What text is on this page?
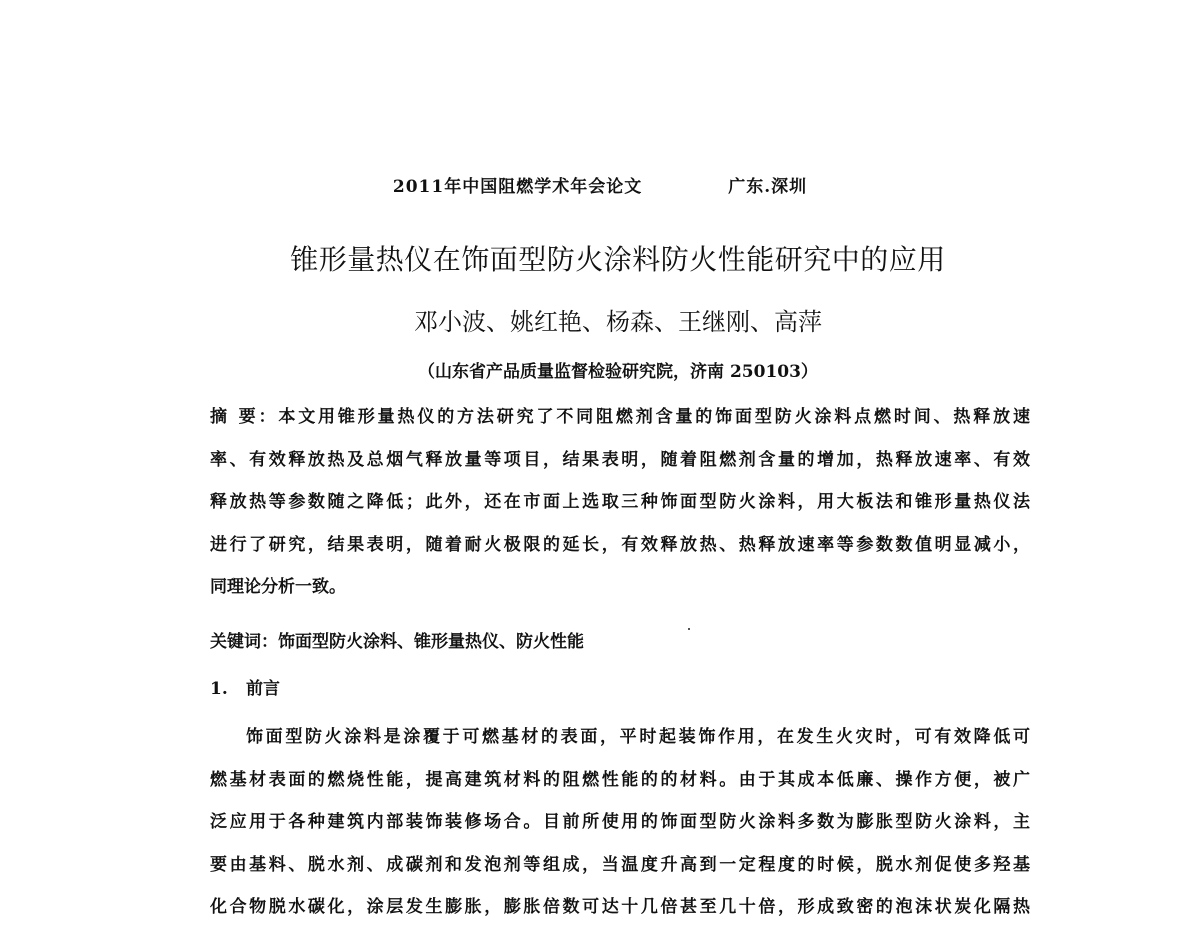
2011年中国阻燃学术年会论文	广东.深圳
锥形量热仪在饰面型防火涂料防火性能研究中的应用
邓小波、姚红艳、杨森、王继刚、高萍
（山东省产品质量监督检验研究院，济南 250103）
摘 要：本文用锥形量热仪的方法研究了不同阻燃剂含量的饰面型防火涂料点燃时间、热释放速
率、有效释放热及总烟气释放量等项目，结果表明，随着阻燃剂含量的增加，热释放速率、有效
释放热等参数随之降低；此外，还在市面上选取三种饰面型防火涂料，用大板法和锥形量热仪法
进行了研究，结果表明，随着耐火极限的延长，有效释放热、热释放速率等参数数值明显减小，
同理论分析一致。
关键词：饰面型防火涂料、锥形量热仪、防火性能
1. 前言
饰面型防火涂料是涂覆于可燃基材的表面，平时起装饰作用，在发生火灾时，可有效降低可
燃基材表面的燃烧性能，提高建筑材料的阻燃性能的的材料。由于其成本低廉、操作方便，被广
泛应用于各种建筑内部装饰装修场合。目前所使用的饰面型防火涂料多数为膨胀型防火涂料，主
要由基料、脱水剂、成碳剂和发泡剂等组成，当温度升高到一定程度的时候，脱水剂促使多羟基
化合物脱水碳化，涂层发生膨胀，膨胀倍数可达十几倍甚至几十倍，形成致密的泡沫状炭化隔热
